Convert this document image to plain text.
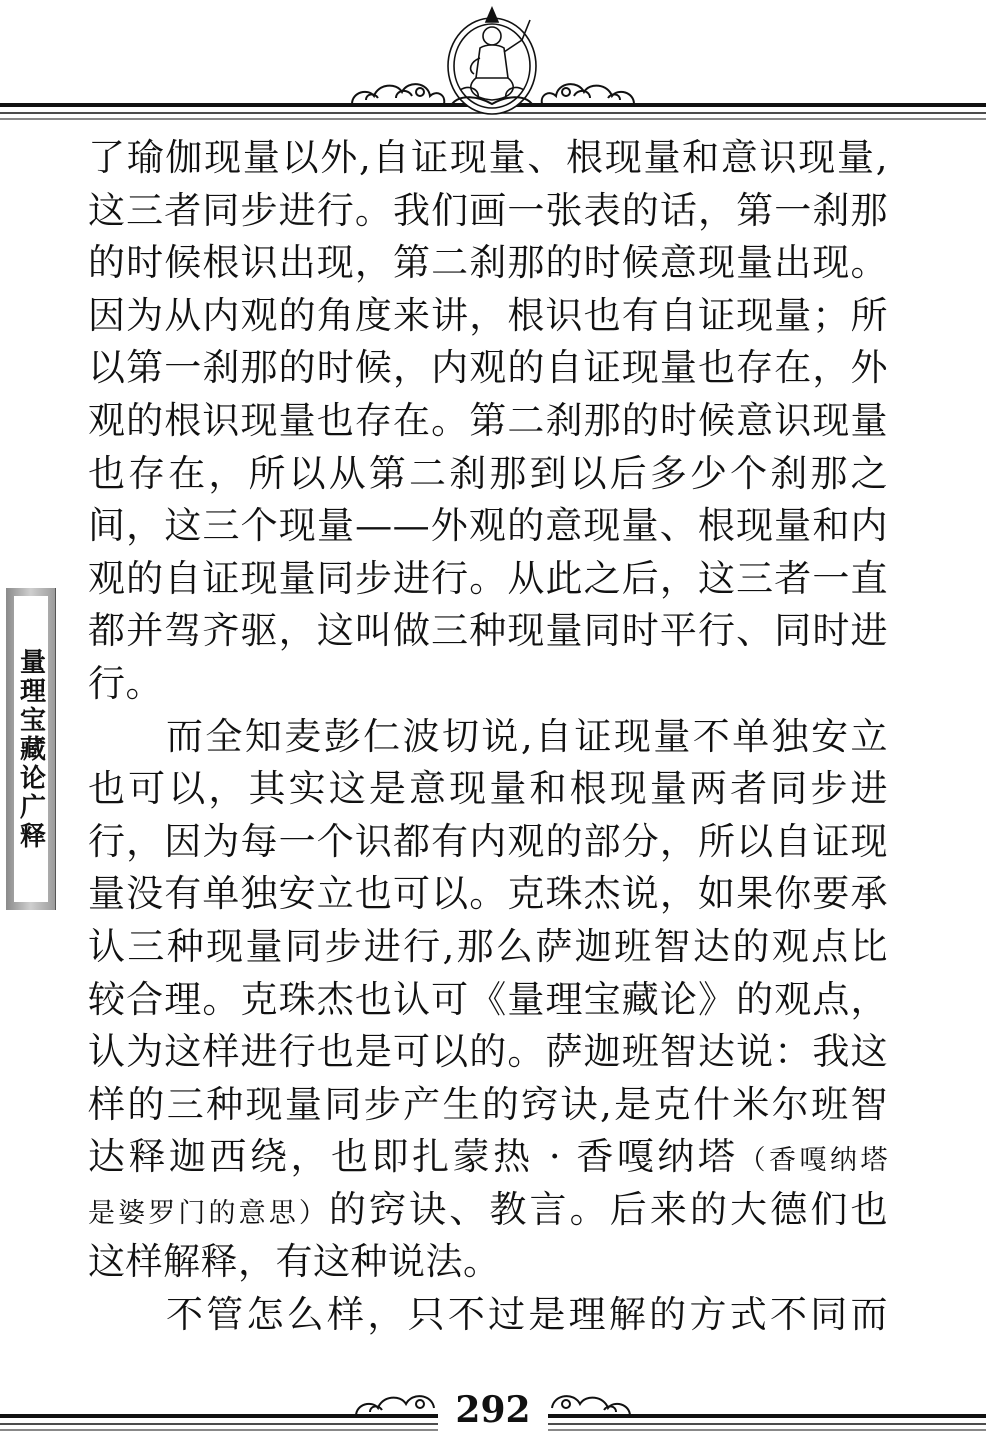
量理宝藏论广释
了瑜伽现量以外,自证现量、根现量和意识现量,
这三者同步进行。我们画一张表的话，第一刹那
的时候根识出现，第二刹那的时候意现量出现。
因为从内观的角度来讲，根识也有自证现量；所
以第一刹那的时候，内观的自证现量也存在，外
观的根识现量也存在。第二刹那的时候意识现量
也存在，所以从第二刹那到以后多少个刹那之
间，这三个现量——外观的意现量、根现量和内
观的自证现量同步进行。从此之后，这三者一直
都并驾齐驱，这叫做三种现量同时平行、同时进
行。
而全知麦彭仁波切说,自证现量不单独安立
也可以，其实这是意现量和根现量两者同步进
行，因为每一个识都有内观的部分，所以自证现
量没有单独安立也可以。克珠杰说，如果你要承
认三种现量同步进行,那么萨迦班智达的观点比
较合理。克珠杰也认可《量理宝藏论》的观点，
认为这样进行也是可以的。萨迦班智达说：我这
样的三种现量同步产生的窍诀,是克什米尔班智
达释迦西绕，也即扎蒙热 · 香嘎纳塔（香嘎纳塔
是婆罗门的意思）的窍诀、教言。后来的大德们也
这样解释，有这种说法。
不管怎么样，只不过是理解的方式不同而
292
